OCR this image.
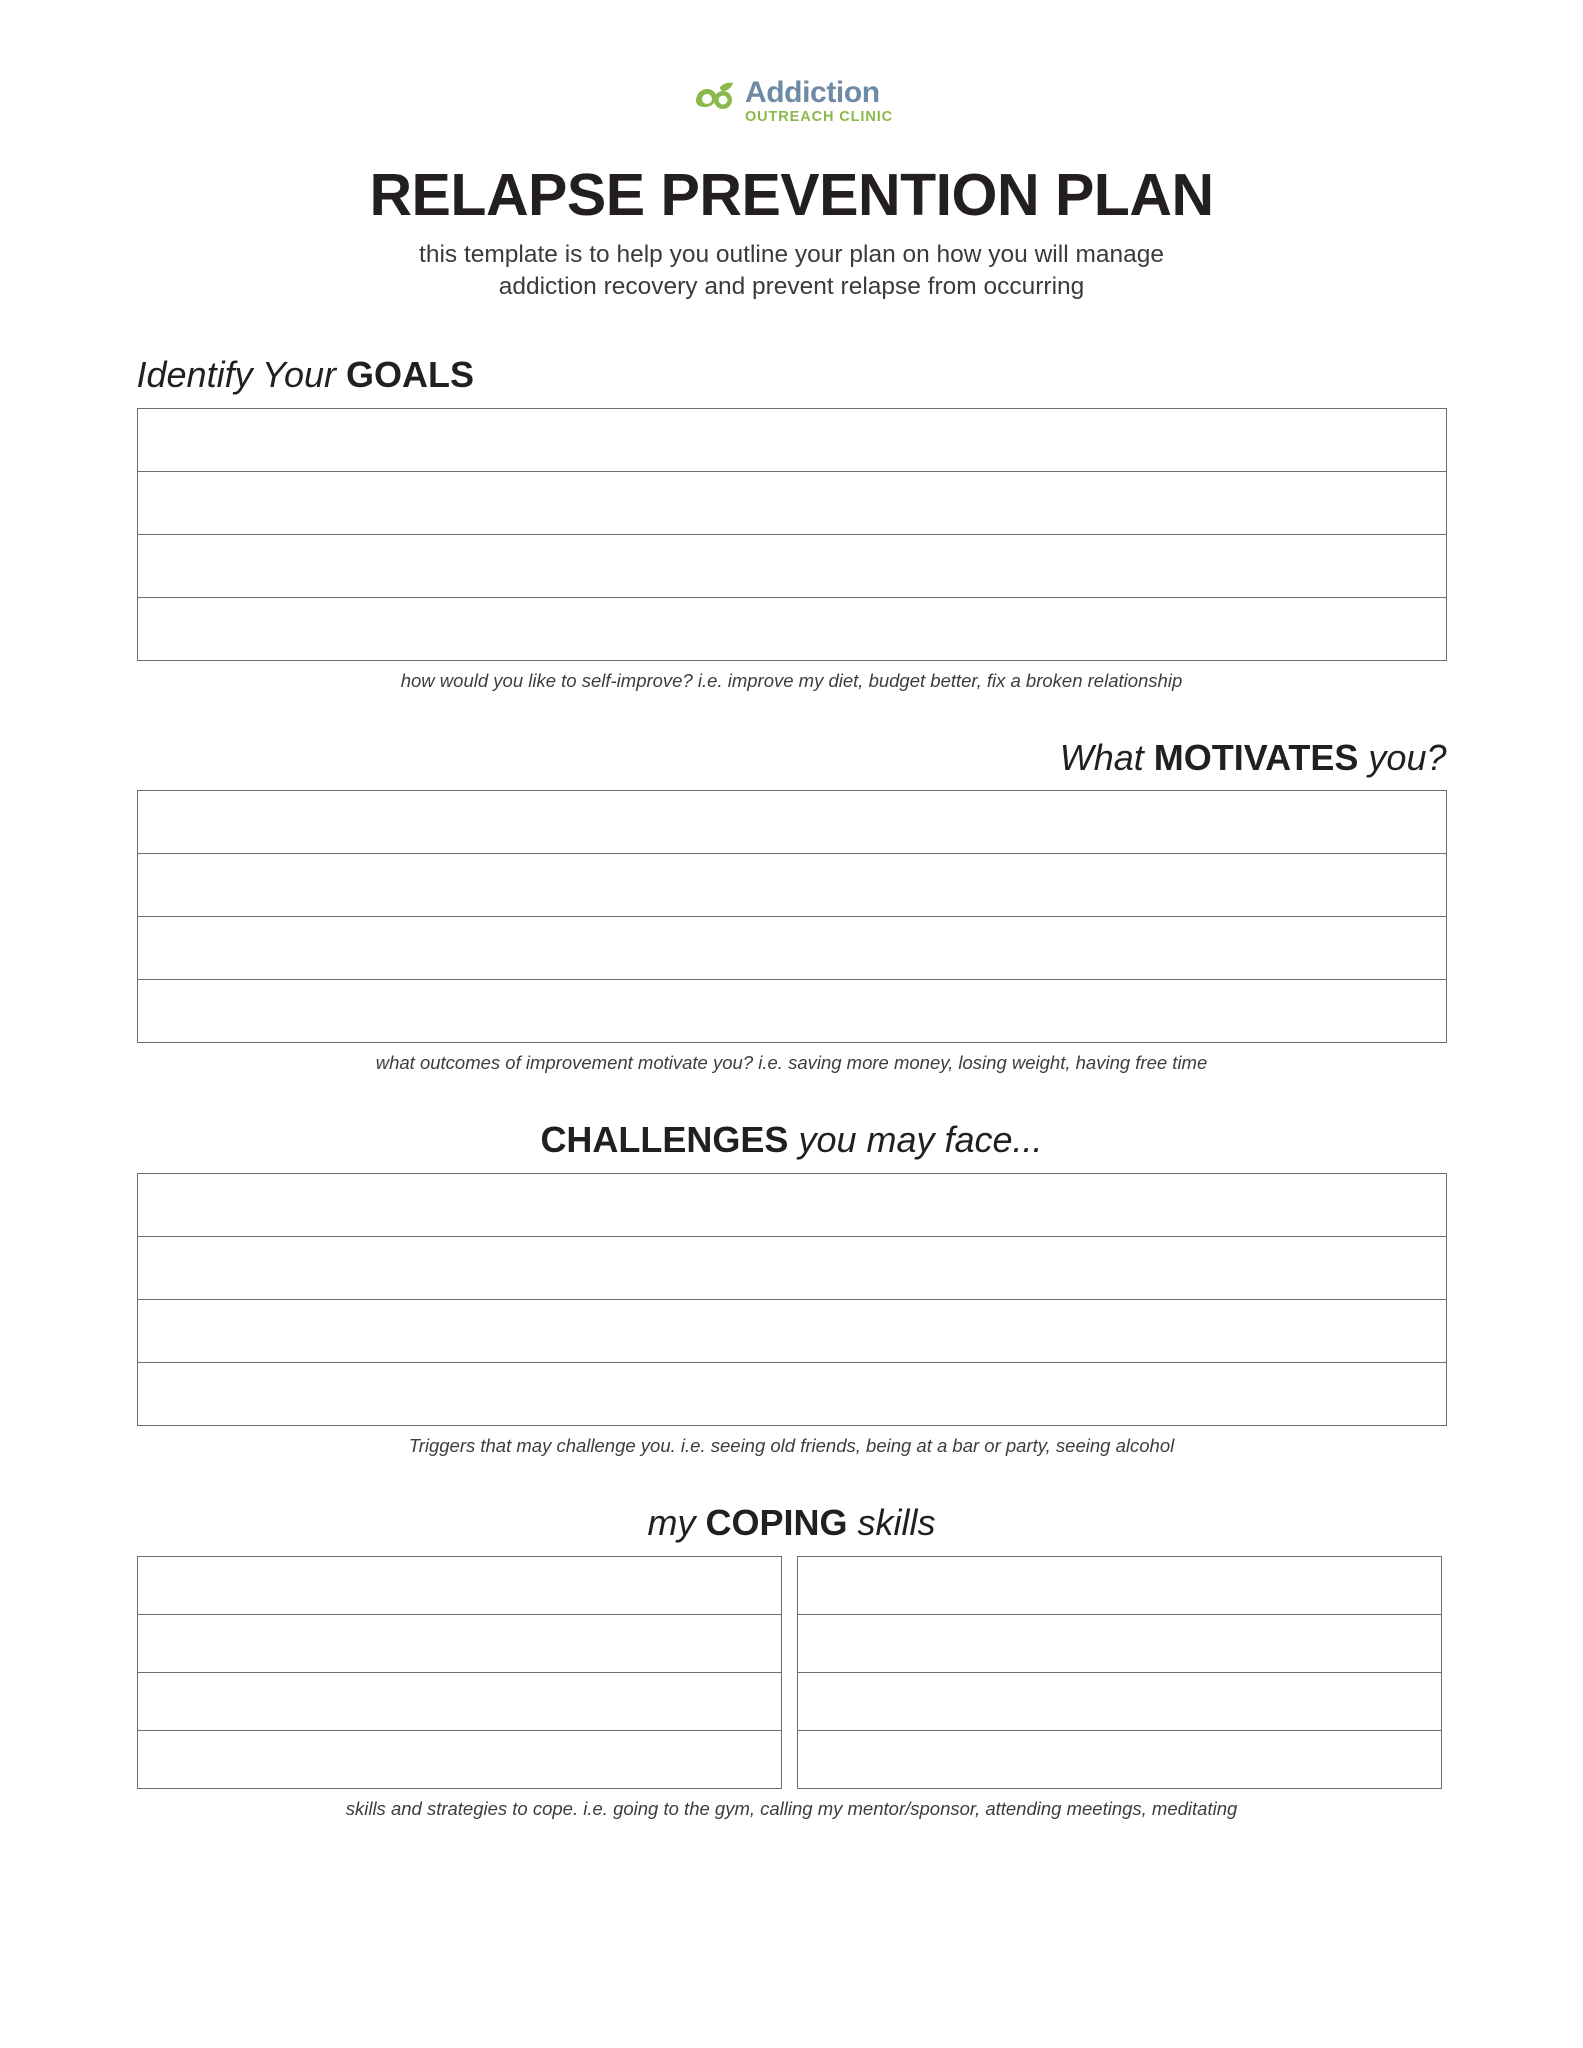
Addiction
OUTREACH CLINIC
RELAPSE PREVENTION PLAN
this template is to help you outline your plan on how you will manage
addiction recovery and prevent relapse from occurring
Identify Your GOALS
how would you like to self-improve? i.e. improve my diet, budget better, fix a broken relationship
What MOTIVATES you?
what outcomes of improvement motivate you? i.e. saving more money, losing weight, having free time
CHALLENGES you may face...
Triggers that may challenge you. i.e. seeing old friends, being at a bar or party, seeing alcohol
my COPING skills
skills and strategies to cope. i.e. going to the gym, calling my mentor/sponsor, attending meetings, meditating
